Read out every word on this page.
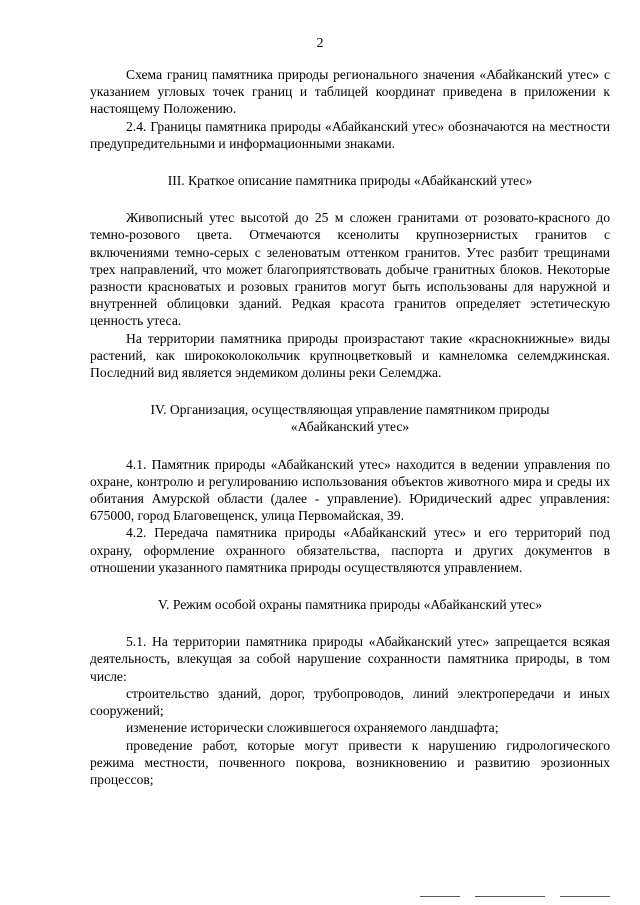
2

Схема границ памятника природы регионального значения «Абайканский утес» с указанием угловых точек границ и таблицей координат приведена в приложении к настоящему Положению.

2.4. Границы памятника природы «Абайканский утес» обозначаются на местности предупредительными и информационными знаками.

III. Краткое описание памятника природы «Абайканский утес»

Живописный утес высотой до 25 м сложен гранитами от розовато-красного до темно-розового цвета. Отмечаются ксенолиты крупнозернистых гранитов с включениями темно-серых с зеленоватым оттенком гранитов. Утес разбит трещинами трех направлений, что может благоприятствовать добыче гранитных блоков. Некоторые разности красноватых и розовых гранитов могут быть использованы для наружной и внутренней облицовки зданий. Редкая красота гранитов определяет эстетическую ценность утеса.

На территории памятника природы произрастают такие «краснокнижные» виды растений, как ширококолокольчик крупноцветковый и камнеломка селемджинская. Последний вид является эндемиком долины реки Селемджа.

IV. Организация, осуществляющая управление памятником природы

«Абайканский утес»

4.1. Памятник природы «Абайканский утес» находится в ведении управления по охране, контролю и регулированию использования объектов животного мира и среды их обитания Амурской области (далее - управление). Юридический адрес управления: 675000, город Благовещенск, улица Первомайская, 39.

4.2. Передача памятника природы «Абайканский утес» и его территорий под охрану, оформление охранного обязательства, паспорта и других документов в отношении указанного памятника природы осуществляются управлением.

V. Режим особой охраны памятника природы «Абайканский утес»

5.1. На территории памятника природы «Абайканский утес» запрещается всякая деятельность, влекущая за собой нарушение сохранности памятника природы, в том числе:

строительство зданий, дорог, трубопроводов, линий электропередачи и иных сооружений;

изменение исторически сложившегося охраняемого ландшафта;

проведение работ, которые могут привести к нарушению гидрологического режима местности, почвенного покрова, возникновению и развитию эрозионных процессов;
